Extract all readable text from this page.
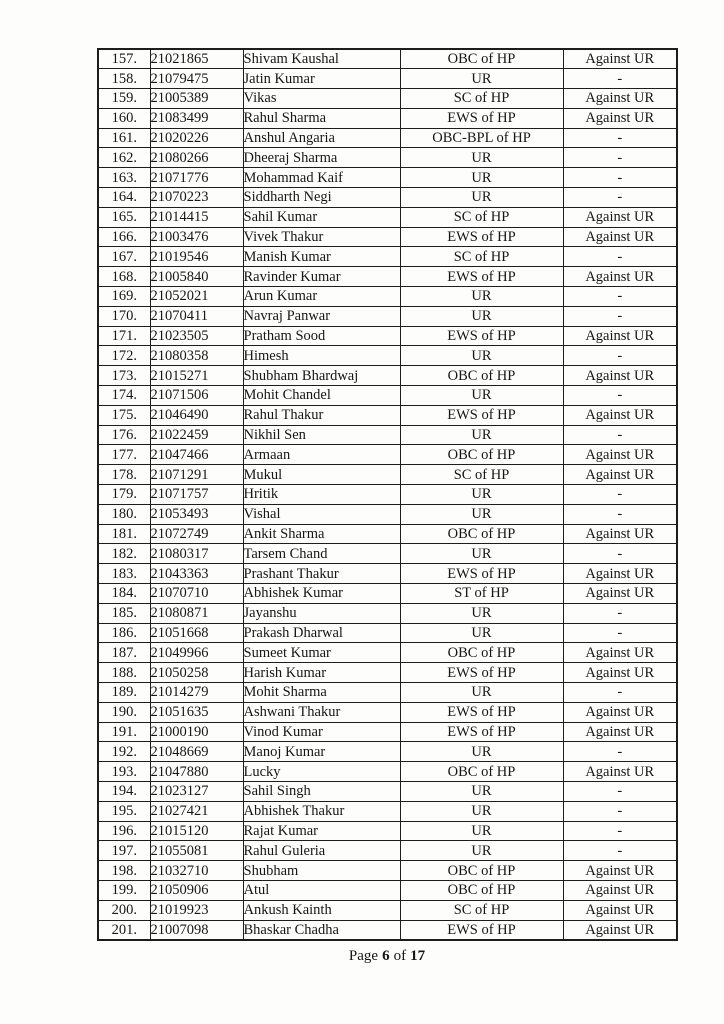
157.	21021865	Shivam Kaushal	OBC of HP	Against UR
158.	21079475	Jatin Kumar	UR	-
159.	21005389	Vikas	SC of HP	Against UR
160.	21083499	Rahul Sharma	EWS of HP	Against UR
161.	21020226	Anshul Angaria	OBC-BPL of HP	-
162.	21080266	Dheeraj Sharma	UR	-
163.	21071776	Mohammad Kaif	UR	-
164.	21070223	Siddharth Negi	UR	-
165.	21014415	Sahil Kumar	SC of HP	Against UR
166.	21003476	Vivek Thakur	EWS of HP	Against UR
167.	21019546	Manish Kumar	SC of HP	-
168.	21005840	Ravinder Kumar	EWS of HP	Against UR
169.	21052021	Arun Kumar	UR	-
170.	21070411	Navraj Panwar	UR	-
171.	21023505	Pratham Sood	EWS of HP	Against UR
172.	21080358	Himesh	UR	-
173.	21015271	Shubham Bhardwaj	OBC of HP	Against UR
174.	21071506	Mohit Chandel	UR	-
175.	21046490	Rahul Thakur	EWS of HP	Against UR
176.	21022459	Nikhil Sen	UR	-
177.	21047466	Armaan	OBC of HP	Against UR
178.	21071291	Mukul	SC of HP	Against UR
179.	21071757	Hritik	UR	-
180.	21053493	Vishal	UR	-
181.	21072749	Ankit Sharma	OBC of HP	Against UR
182.	21080317	Tarsem Chand	UR	-
183.	21043363	Prashant Thakur	EWS of HP	Against UR
184.	21070710	Abhishek Kumar	ST of HP	Against UR
185.	21080871	Jayanshu	UR	-
186.	21051668	Prakash Dharwal	UR	-
187.	21049966	Sumeet Kumar	OBC of HP	Against UR
188.	21050258	Harish Kumar	EWS of HP	Against UR
189.	21014279	Mohit Sharma	UR	-
190.	21051635	Ashwani Thakur	EWS of HP	Against UR
191.	21000190	Vinod Kumar	EWS of HP	Against UR
192.	21048669	Manoj Kumar	UR	-
193.	21047880	Lucky	OBC of HP	Against UR
194.	21023127	Sahil Singh	UR	-
195.	21027421	Abhishek Thakur	UR	-
196.	21015120	Rajat Kumar	UR	-
197.	21055081	Rahul Guleria	UR	-
198.	21032710	Shubham	OBC of HP	Against UR
199.	21050906	Atul	OBC of HP	Against UR
200.	21019923	Ankush Kainth	SC of HP	Against UR
201.	21007098	Bhaskar Chadha	EWS of HP	Against UR
Page 6 of 17
